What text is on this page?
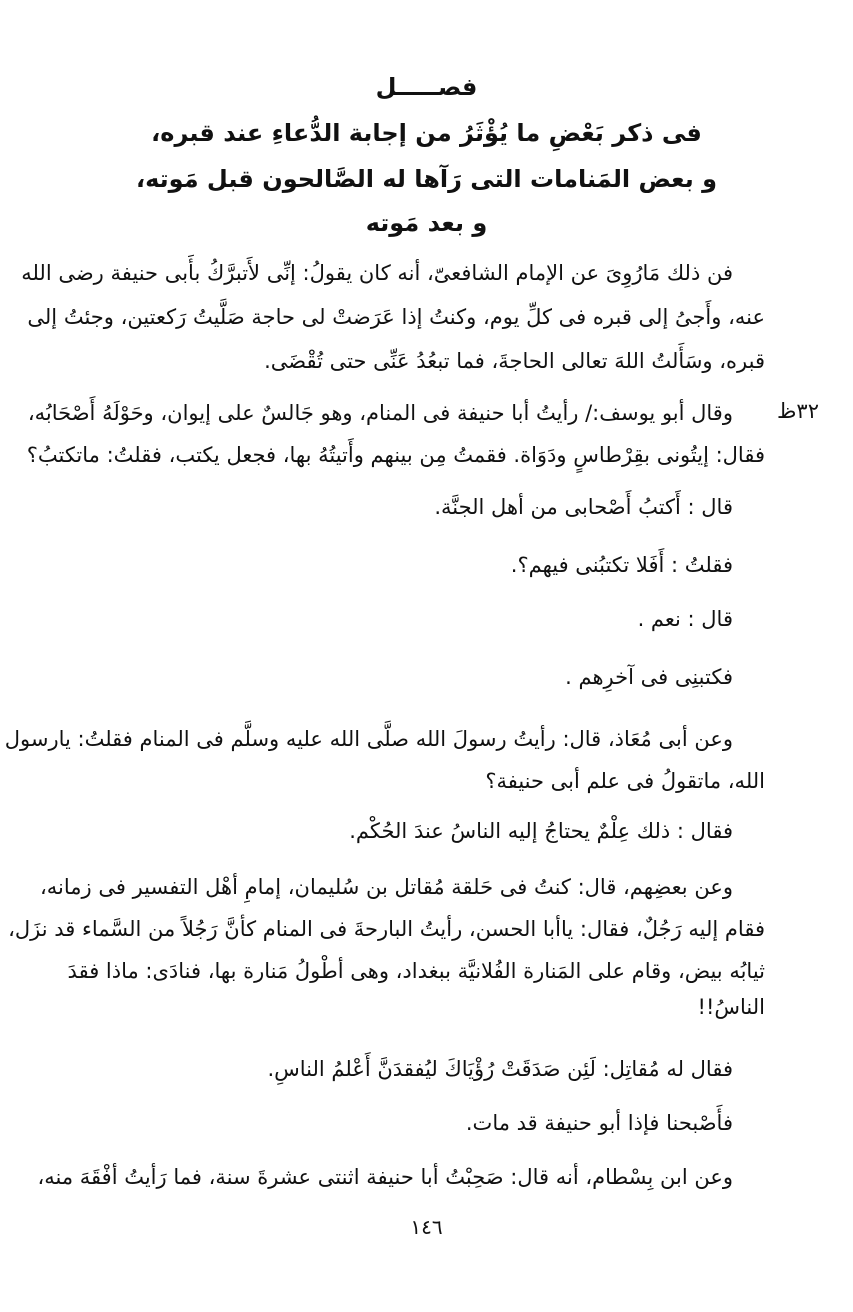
فصـــــل
فى ذكر بَعْضِ ما يُؤْثَرُ من إجابة الدُّعاءِ عند قبره،
و بعض المَنامات التى رَآها له الصَّالحون قبل مَوته،
و بعد مَوته
فن ذلك مَارُوِىَ عن الإمام الشافعىّ، أنه كان يقولُ: إنِّى لأَتبرَّكُ بأَبى حنيفة رضى الله
عنه، وأَجىُ إلى قبره فى كلِّ يوم، وكنتُ إذا عَرَضتْ لى حاجة صَلَّيتُ رَكعتين، وجئتُ إلى
قبره، وسَأَلتُ اللهَ تعالى الحاجةَ، فما تبعُدُ عَنِّى حتى تُقْضَى.
٣٢ظ
وقال أبو يوسف:/ رأيتُ أبا حنيفة فى المنام، وهو جَالسٌ على إيوان، وحَوْلَهُ أَصْحَابُه،
فقال: إيتُونى بقِرْطاسٍ ودَوَاة. فقمتُ مِن بينهم وأَتيتُهُ بها، فجعل يكتب، فقلتُ: ماتكتبُ؟
قال : أَكتبُ أَصْحابى من أهل الجنَّة.
فقلتُ : أَفَلا تكتبُنى فيهم؟.
قال : نعم .
فكتبنِى فى آخرِهم .
وعن أبى مُعَاذ، قال: رأيتُ رسولَ الله صلَّى الله عليه وسلَّم فى المنام فقلتُ: يارسول
الله، ماتقولُ فى علم أبى حنيفة؟
فقال : ذلك عِلْمٌ يحتاجُ إليه الناسُ عندَ الحُكْم.
وعن بعضِهم، قال: كنتُ فى حَلقة مُقاتل بن سُليمان، إمامِ أهْل التفسير فى زمانه،
فقام إليه رَجُلٌ، فقال: ياأبا الحسن، رأيتُ البارحةَ فى المنام كأنَّ رَجُلاً من السَّماء قد نزَل،
ثيابُه بيض، وقام على المَنارة الفُلانيَّة ببغداد، وهى أطْولُ مَنارة بها، فنادَى: ماذا فقدَ
الناسُ!!
فقال له مُقاتِل: لَئِن صَدَقَتْ رُؤْيَاكَ ليُفقدَنَّ أَعْلمُ الناسِ.
فأَصْبحنا فإذا أبو حنيفة قد مات.
وعن ابن بِسْطام، أنه قال: صَحِبْتُ أبا حنيفة اثنتى عشرةَ سنة، فما رَأيتُ أفْقَهَ منه،
١٤٦
